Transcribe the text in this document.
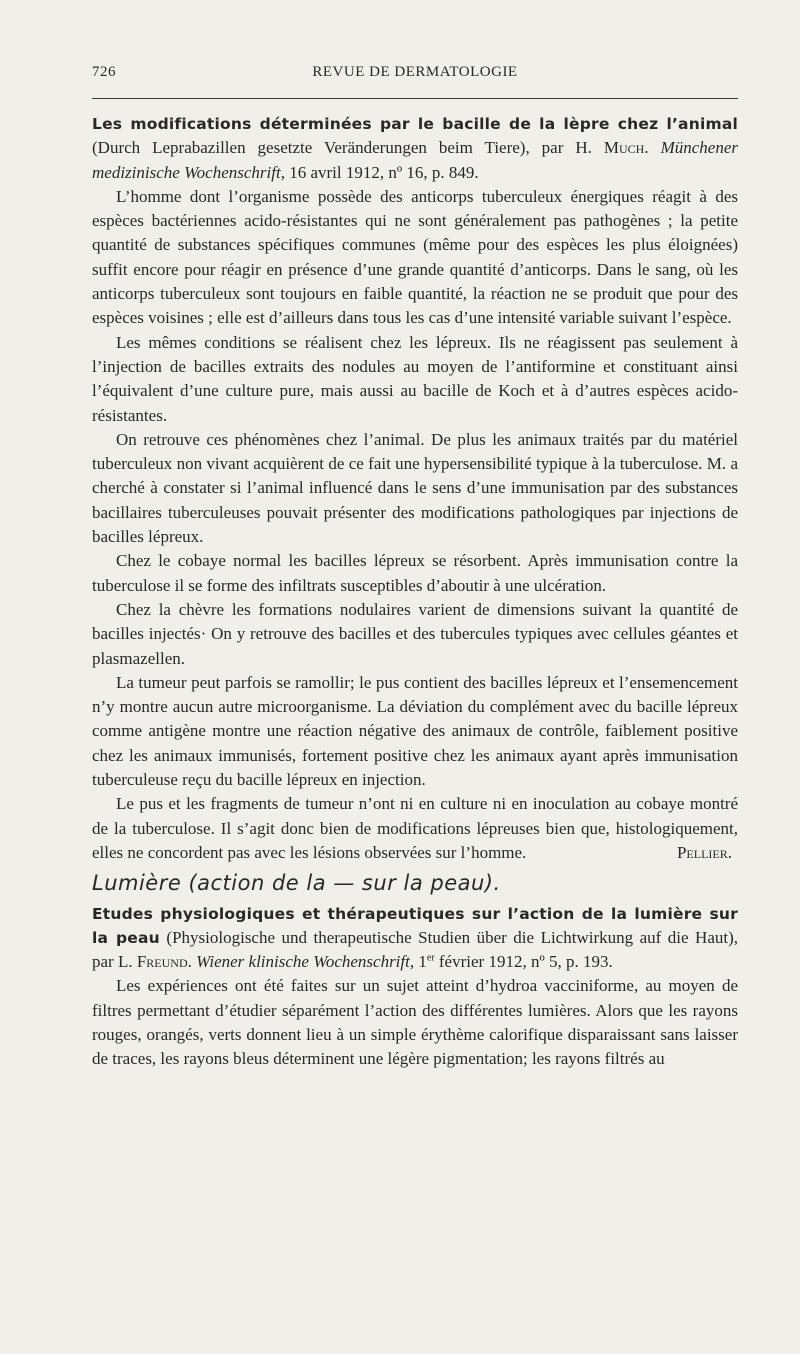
726	REVUE DE DERMATOLOGIE

Les modifications déterminées par le bacille de la lèpre chez l’animal (Durch Leprabazillen gesetzte Veränderungen beim Tiere), par H. Much. Münchener medizinische Wochenschrift, 16 avril 1912, nº 16, p. 849.

L’homme dont l’organisme possède des anticorps tuberculeux énergiques réagit à des espèces bactériennes acido-résistantes qui ne sont généralement pas pathogènes ; la petite quantité de substances spécifiques communes (même pour des espèces les plus éloignées) suffit encore pour réagir en présence d’une grande quantité d’anticorps. Dans le sang, où les anticorps tuberculeux sont toujours en faible quantité, la réaction ne se produit que pour des espèces voisines ; elle est d’ailleurs dans tous les cas d’une intensité variable suivant l’espèce.

Les mêmes conditions se réalisent chez les lépreux. Ils ne réagissent pas seulement à l’injection de bacilles extraits des nodules au moyen de l’antiformine et constituant ainsi l’équivalent d’une culture pure, mais aussi au bacille de Koch et à d’autres espèces acido-résistantes.

On retrouve ces phénomènes chez l’animal. De plus les animaux traités par du matériel tuberculeux non vivant acquièrent de ce fait une hypersensibilité typique à la tuberculose. M. a cherché à constater si l’animal influencé dans le sens d’une immunisation par des substances bacillaires tuberculeuses pouvait présenter des modifications pathologiques par injections de bacilles lépreux.

Chez le cobaye normal les bacilles lépreux se résorbent. Après immunisation contre la tuberculose il se forme des infiltrats susceptibles d’aboutir à une ulcération.

Chez la chèvre les formations nodulaires varient de dimensions suivant la quantité de bacilles injectés· On y retrouve des bacilles et des tubercules typiques avec cellules géantes et plasmazellen.

La tumeur peut parfois se ramollir; le pus contient des bacilles lépreux et l’ensemencement n’y montre aucun autre microorganisme. La déviation du complément avec du bacille lépreux comme antigène montre une réaction négative des animaux de contrôle, faiblement positive chez les animaux immunisés, fortement positive chez les animaux ayant après immunisation tuberculeuse reçu du bacille lépreux en injection.

Le pus et les fragments de tumeur n’ont ni en culture ni en inoculation au cobaye montré de la tuberculose. Il s’agit donc bien de modifications lépreuses bien que, histologiquement, elles ne concordent pas avec les lésions observées sur l’homme.	Pellier.

Lumière (action de la — sur la peau).

Etudes physiologiques et thérapeutiques sur l’action de la lumière sur la peau (Physiologische und therapeutische Studien über die Lichtwirkung auf die Haut), par L. Freund. Wiener klinische Wochenschrift, 1er février 1912, nº 5, p. 193.

Les expériences ont été faites sur un sujet atteint d’hydroa vacciniforme, au moyen de filtres permettant d’étudier séparément l’action des différentes lumières. Alors que les rayons rouges, orangés, verts donnent lieu à un simple érythème calorifique disparaissant sans laisser de traces, les rayons bleus déterminent une légère pigmentation; les rayons filtrés au
